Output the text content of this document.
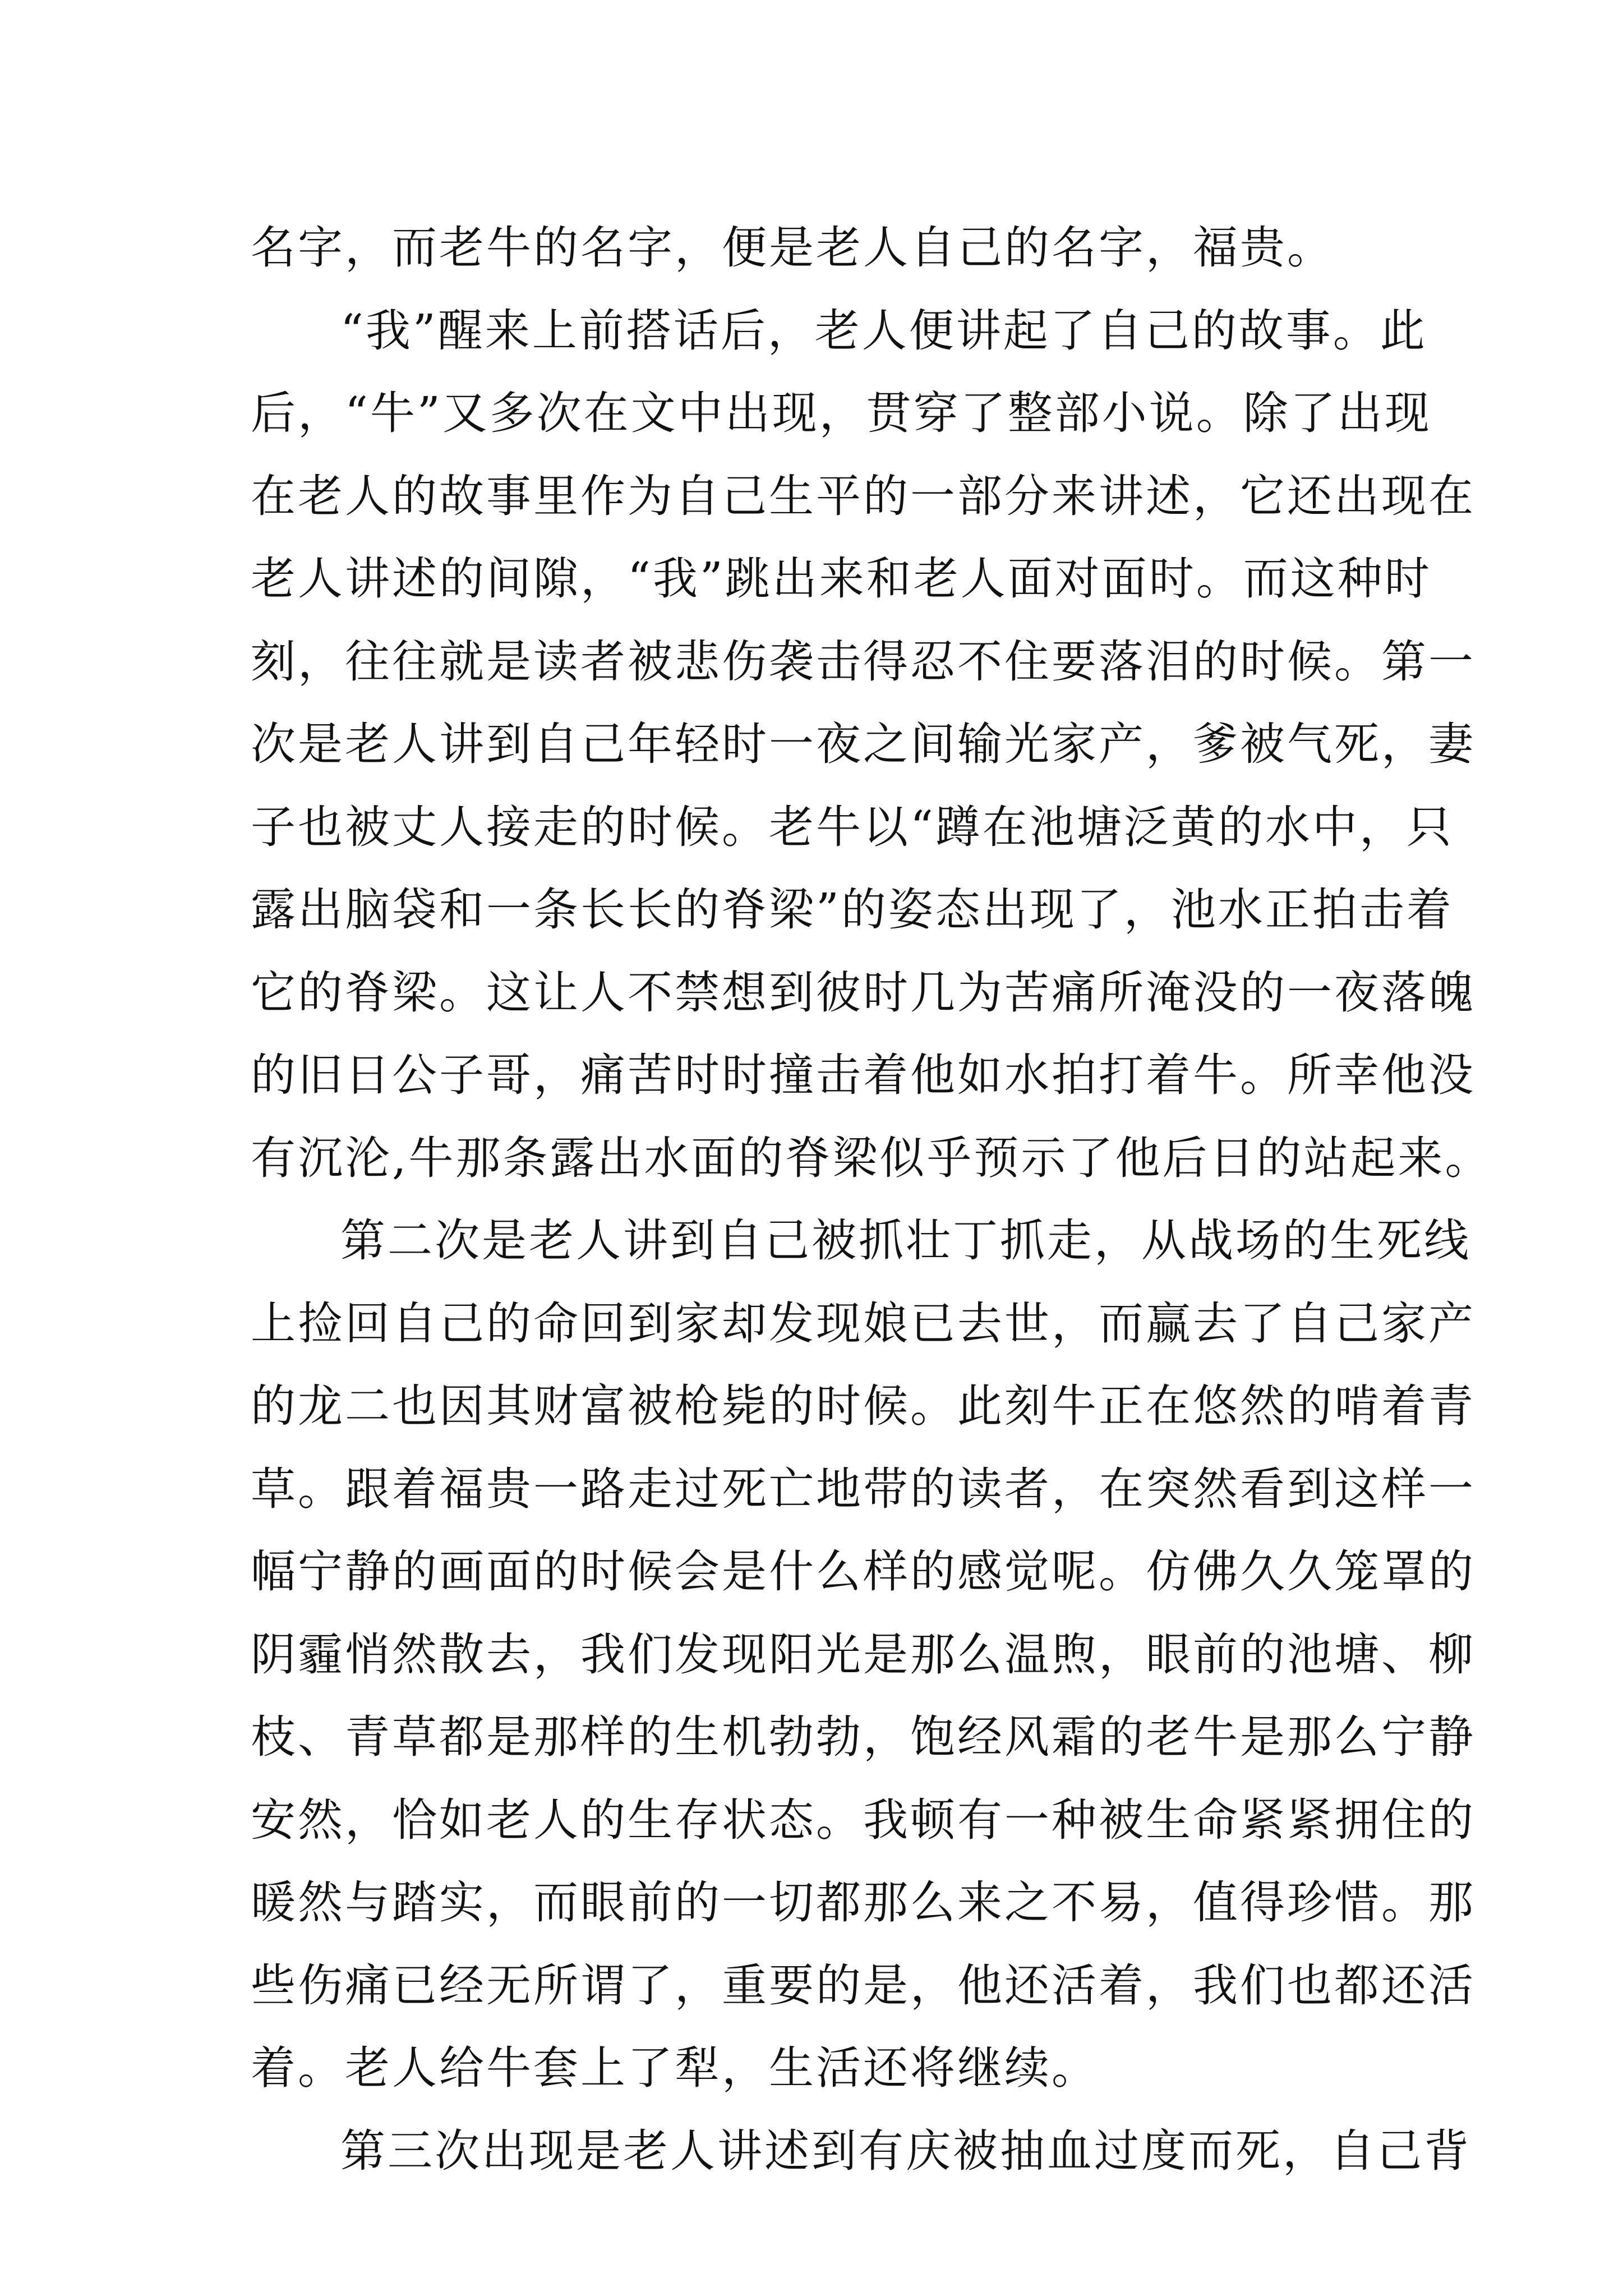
名字，而老牛的名字，便是老人自己的名字，福贵。
“我”醒来上前搭话后，老人便讲起了自己的故事。此
后，“牛”又多次在文中出现，贯穿了整部小说。除了出现
在老人的故事里作为自己生平的一部分来讲述，它还出现在
老人讲述的间隙，“我”跳出来和老人面对面时。而这种时
刻，往往就是读者被悲伤袭击得忍不住要落泪的时候。第一
次是老人讲到自己年轻时一夜之间输光家产，爹被气死，妻
子也被丈人接走的时候。老牛以“蹲在池塘泛黄的水中，只
露出脑袋和一条长长的脊梁”的姿态出现了，池水正拍击着
它的脊梁。这让人不禁想到彼时几为苦痛所淹没的一夜落魄
的旧日公子哥，痛苦时时撞击着他如水拍打着牛。所幸他没
有沉沦,牛那条露出水面的脊梁似乎预示了他后日的站起来。
第二次是老人讲到自己被抓壮丁抓走，从战场的生死线
上捡回自己的命回到家却发现娘已去世，而赢去了自己家产
的龙二也因其财富被枪毙的时候。此刻牛正在悠然的啃着青
草。跟着福贵一路走过死亡地带的读者，在突然看到这样一
幅宁静的画面的时候会是什么样的感觉呢。仿佛久久笼罩的
阴霾悄然散去，我们发现阳光是那么温煦，眼前的池塘、柳
枝、青草都是那样的生机勃勃，饱经风霜的老牛是那么宁静
安然，恰如老人的生存状态。我顿有一种被生命紧紧拥住的
暖然与踏实，而眼前的一切都那么来之不易，值得珍惜。那
些伤痛已经无所谓了，重要的是，他还活着，我们也都还活
着。老人给牛套上了犁，生活还将继续。
第三次出现是老人讲述到有庆被抽血过度而死，自己背
